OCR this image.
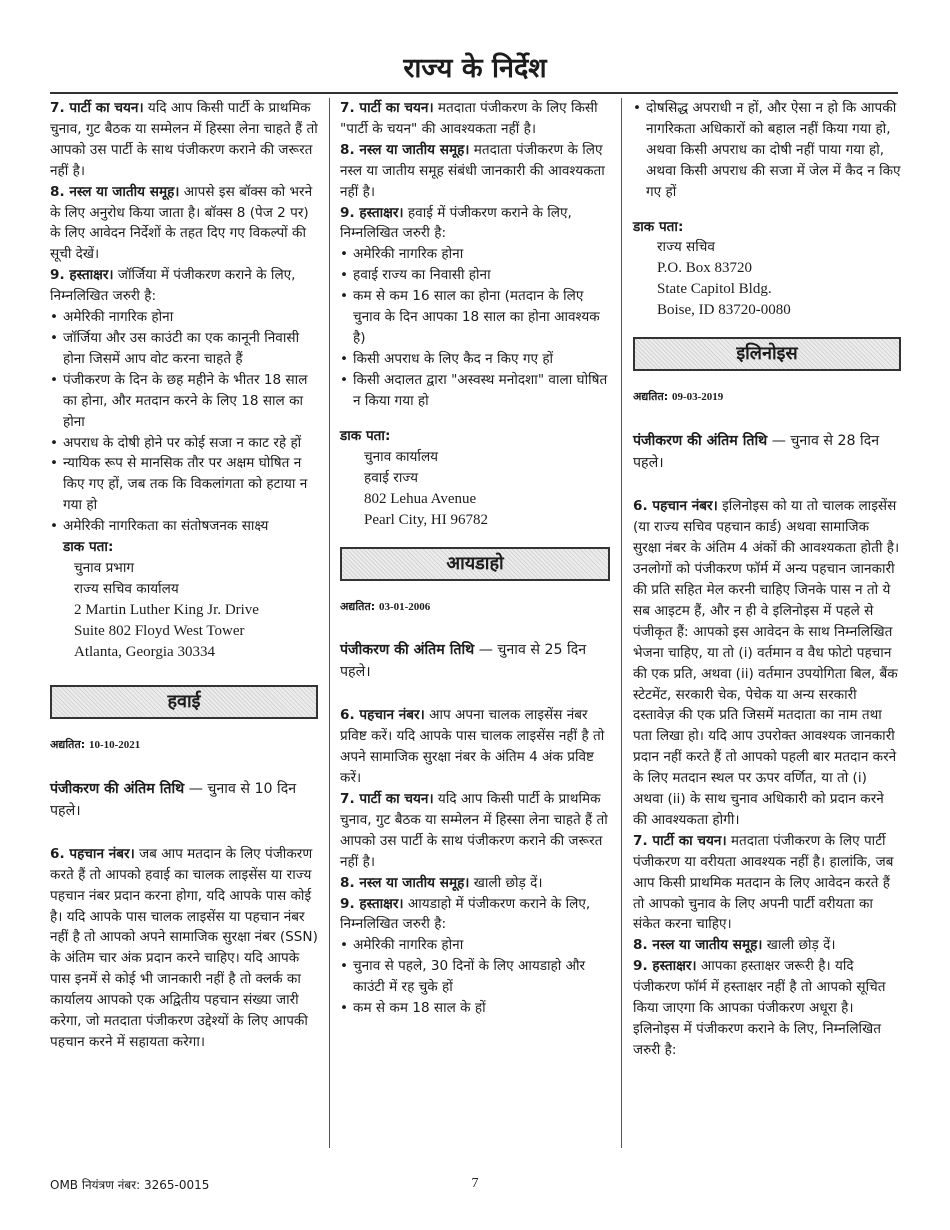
राज्य के निर्देश

7. पार्टी का चयन। यदि आप किसी पार्टी के प्राथमिक चुनाव, गुट बैठक या सम्मेलन में हिस्सा लेना चाहते हैं तो आपको उस पार्टी के साथ पंजीकरण कराने की जरूरत नहीं है।

8. नस्ल या जातीय समूह। आपसे इस बॉक्स को भरने के लिए अनुरोध किया जाता है। बॉक्स 8 (पेज 2 पर) के लिए आवेदन निर्देशों के तहत दिए गए विकल्पों की सूची देखें।

9. हस्ताक्षर। जॉर्जिया में पंजीकरण कराने के लिए, निम्नलिखित जरुरी है:

• अमेरिकी नागरिक होना
• जॉर्जिया और उस काउंटी का एक कानूनी निवासी होना जिसमें आप वोट करना चाहते हैं
• पंजीकरण के दिन के छह महीने के भीतर 18 साल का होना, और मतदान करने के लिए 18 साल का होना
• अपराध के दोषी होने पर कोई सजा न काट रहे हों
• न्यायिक रूप से मानसिक तौर पर अक्षम घोषित न किए गए हों, जब तक कि विकलांगता को हटाया न गया हो
• अमेरिकी नागरिकता का संतोषजनक साक्ष्य

डाक पता:

चुनाव प्रभाग
राज्य सचिव कार्यालय
2 Martin Luther King Jr. Drive
Suite 802 Floyd West Tower
Atlanta, Georgia 30334
हवाई
अद्यतित: 10-10-2021

पंजीकरण की अंतिम तिथि — चुनाव से 10 दिन पहले।

6. पहचान नंबर। जब आप मतदान के लिए पंजीकरण करते हैं तो आपको हवाई का चालक लाइसेंस या राज्य पहचान नंबर प्रदान करना होगा, यदि आपके पास कोई है। यदि आपके पास चालक लाइसेंस या पहचान नंबर नहीं है तो आपको अपने सामाजिक सुरक्षा नंबर (SSN) के अंतिम चार अंक प्रदान करने चाहिए। यदि आपके पास इनमें से कोई भी जानकारी नहीं है तो क्लर्क का कार्यालय आपको एक अद्वितीय पहचान संख्या जारी करेगा, जो मतदाता पंजीकरण उद्देश्यों के लिए आपकी पहचान करने में सहायता करेगा।

7. पार्टी का चयन। मतदाता पंजीकरण के लिए किसी "पार्टी के चयन" की आवश्यकता नहीं है।

8. नस्ल या जातीय समूह। मतदाता पंजीकरण के लिए नस्ल या जातीय समूह संबंधी जानकारी की आवश्यकता नहीं है।

9. हस्ताक्षर। हवाई में पंजीकरण कराने के लिए, निम्नलिखित जरुरी है:

• अमेरिकी नागरिक होना
• हवाई राज्य का निवासी होना
• कम से कम 16 साल का होना (मतदान के लिए चुनाव के दिन आपका 18 साल का होना आवश्यक है)
• किसी अपराध के लिए कैद न किए गए हों
• किसी अदालत द्वारा "अस्वस्थ मनोदशा" वाला घोषित न किया गया हो

डाक पता:

चुनाव कार्यालय
हवाई राज्य
802 Lehua Avenue
Pearl City, HI 96782
आयडाहो
अद्यतित: 03-01-2006

पंजीकरण की अंतिम तिथि — चुनाव से 25 दिन पहले।

6. पहचान नंबर। आप अपना चालक लाइसेंस नंबर प्रविष्ट करें। यदि आपके पास चालक लाइसेंस नहीं है तो अपने सामाजिक सुरक्षा नंबर के अंतिम 4 अंक प्रविष्ट करें।

7. पार्टी का चयन। यदि आप किसी पार्टी के प्राथमिक चुनाव, गुट बैठक या सम्मेलन में हिस्सा लेना चाहते हैं तो आपको उस पार्टी के साथ पंजीकरण कराने की जरूरत नहीं है।

8. नस्ल या जातीय समूह। खाली छोड़ दें।

9. हस्ताक्षर। आयडाहो में पंजीकरण कराने के लिए, निम्नलिखित जरुरी है:

• अमेरिकी नागरिक होना
• चुनाव से पहले, 30 दिनों के लिए आयडाहो और काउंटी में रह चुके हों
• कम से कम 18 साल के हों
• दोषसिद्ध अपराधी न हों, और ऐसा न हो कि आपकी नागरिकता अधिकारों को बहाल नहीं किया गया हो, अथवा किसी अपराध का दोषी नहीं पाया गया हो, अथवा किसी अपराध की सजा में जेल में कैद न किए गए हों

डाक पता:

राज्य सचिव
P.O. Box 83720
State Capitol Bldg.
Boise, ID 83720-0080
इलिनोइस
अद्यतित: 09-03-2019

पंजीकरण की अंतिम तिथि — चुनाव से 28 दिन पहले।

6. पहचान नंबर। इलिनोइस को या तो चालक लाइसेंस (या राज्य सचिव पहचान कार्ड) अथवा सामाजिक सुरक्षा नंबर के अंतिम 4 अंकों की आवश्यकता होती है। उनलोगों को पंजीकरण फॉर्म में अन्य पहचान जानकारी की प्रति सहित मेल करनी चाहिए जिनके पास न तो ये सब आइटम हैं, और न ही वे इलिनोइस में पहले से पंजीकृत हैं: आपको इस आवेदन के साथ निम्नलिखित भेजना चाहिए, या तो (i) वर्तमान व वैध फोटो पहचान की एक प्रति, अथवा (ii) वर्तमान उपयोगिता बिल, बैंक स्टेटमेंट, सरकारी चेक, पेचेक या अन्य सरकारी दस्तावेज़ की एक प्रति जिसमें मतदाता का नाम तथा पता लिखा हो। यदि आप उपरोक्त आवश्यक जानकारी प्रदान नहीं करते हैं तो आपको पहली बार मतदान करने के लिए मतदान स्थल पर ऊपर वर्णित, या तो (i) अथवा (ii) के साथ चुनाव अधिकारी को प्रदान करने की आवश्यकता होगी।

7. पार्टी का चयन। मतदाता पंजीकरण के लिए पार्टी पंजीकरण या वरीयता आवश्यक नहीं है। हालांकि, जब आप किसी प्राथमिक मतदान के लिए आवेदन करते हैं तो आपको चुनाव के लिए अपनी पार्टी वरीयता का संकेत करना चाहिए।

8. नस्ल या जातीय समूह। खाली छोड़ दें।

9. हस्ताक्षर। आपका हस्ताक्षर जरूरी है। यदि पंजीकरण फॉर्म में हस्ताक्षर नहीं है तो आपको सूचित किया जाएगा कि आपका पंजीकरण अधूरा है।

इलिनोइस में पंजीकरण कराने के लिए, निम्नलिखित जरुरी है:

OMB नियंत्रण नंबर: 3265-0015	7
